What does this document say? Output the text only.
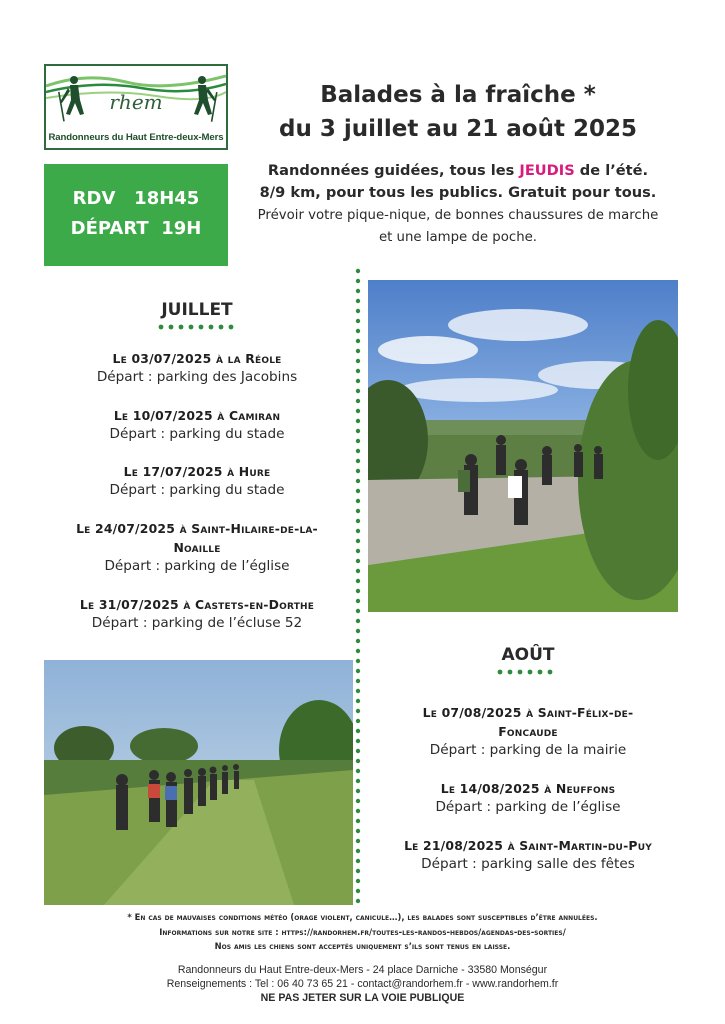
rhem
Randonneurs du Haut Entre-deux-Mers
Balades à la fraîche *
du 3 juillet au 21 août 2025
RDV   18H45
DÉPART  19H
Randonnées guidées, tous les JEUDIS de l’été.
8/9 km, pour tous les publics. Gratuit pour tous.
Prévoir votre pique-nique, de bonnes chaussures de marche
et une lampe de poche.
JUILLET
Le 03/07/2025 à la Réole
Départ : parking des Jacobins
Le 10/07/2025 à Camiran
Départ : parking du stade
Le 17/07/2025 à Hure
Départ : parking du stade
Le 24/07/2025 à Saint-Hilaire-de-la-
Noaille
Départ : parking de l’église
Le 31/07/2025 à Castets-en-Dorthe
Départ : parking de l’écluse 52
AOÛT
Le 07/08/2025 à Saint-Félix-de-
Foncaude
Départ : parking de la mairie
Le 14/08/2025 à Neuffons
Départ : parking de l’église
Le 21/08/2025 à Saint-Martin-du-Puy
Départ : parking salle des fêtes
* En cas de mauvaises conditions météo (orage violent, canicule…), les balades sont susceptibles d’être annulées.
Informations sur notre site : https://randorhem.fr/toutes-les-randos-hebdos/agendas-des-sorties/
Nos amis les chiens sont acceptés uniquement s’ils sont tenus en laisse.
Randonneurs du Haut Entre-deux-Mers - 24 place Darniche - 33580 Monségur
Renseignements : Tel : 06 40 73 65 21 - contact@randorhem.fr - www.randorhem.fr
NE PAS JETER SUR LA VOIE PUBLIQUE
